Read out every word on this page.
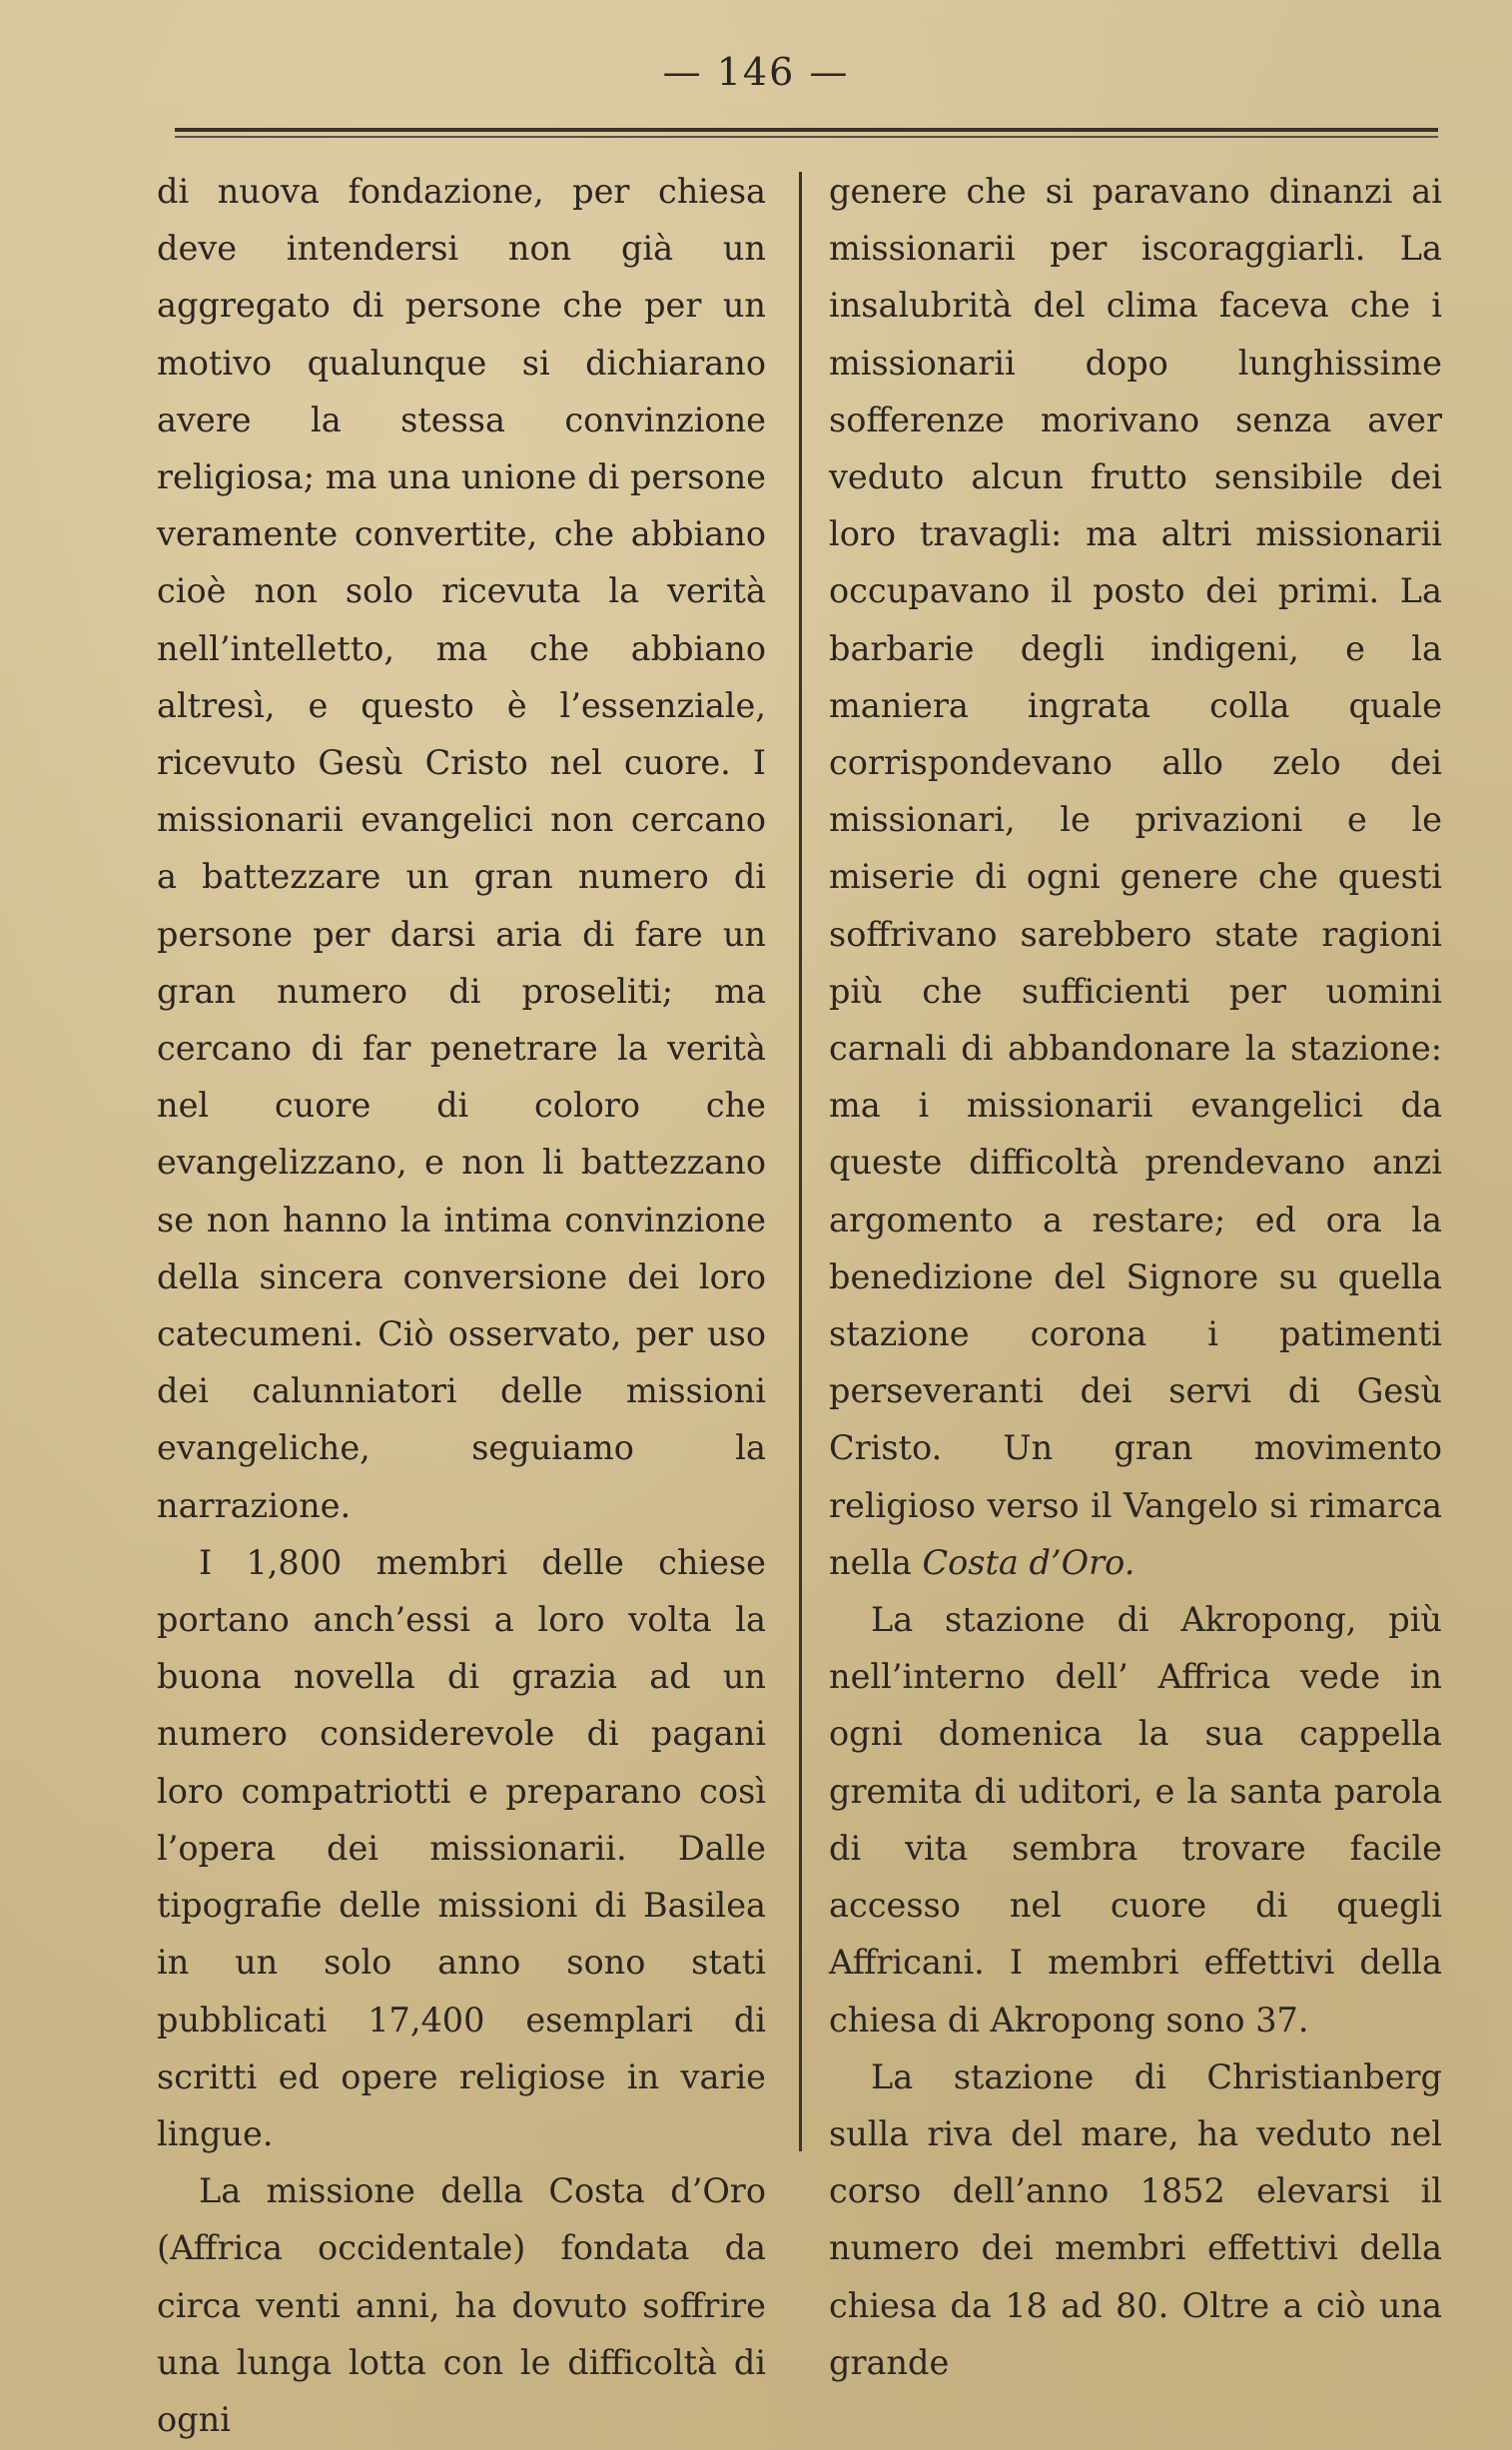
— 146 —

di nuova fondazione, per chiesa deve intendersi non già un aggregato di persone che per un motivo qualunque si dichiarano avere la stessa convinzione religiosa; ma una unione di persone veramente convertite, che abbiano cioè non solo ricevuta la verità nell’intelletto, ma che abbiano altresì, e questo è l’essenziale, ricevuto Gesù Cristo nel cuore. I missionarii evangelici non cercano a battezzare un gran numero di persone per darsi aria di fare un gran numero di proseliti; ma cercano di far penetrare la verità nel cuore di coloro che evangelizzano, e non li battezzano se non hanno la intima convinzione della sincera conversione dei loro catecumeni. Ciò osservato, per uso dei calunniatori delle missioni evangeliche, seguiamo la narrazione.

I 1,800 membri delle chiese portano anch’essi a loro volta la buona novella di grazia ad un numero considerevole di pagani loro compatriotti e preparano così l’opera dei missionarii. Dalle tipografie delle missioni di Basilea in un solo anno sono stati pubblicati 17,400 esemplari di scritti ed opere religiose in varie lingue.

La missione della Costa d’Oro (Affrica occidentale) fondata da circa venti anni, ha dovuto soffrire una lunga lotta con le difficoltà di ogni

genere che si paravano dinanzi ai missionarii per iscoraggiarli. La insalubrità del clima faceva che i missionarii dopo lunghissime sofferenze morivano senza aver veduto alcun frutto sensibile dei loro travagli: ma altri missionarii occupavano il posto dei primi. La barbarie degli indigeni, e la maniera ingrata colla quale corrispondevano allo zelo dei missionari, le privazioni e le miserie di ogni genere che questi soffrivano sarebbero state ragioni più che sufficienti per uomini carnali di abbandonare la stazione: ma i missionarii evangelici da queste difficoltà prendevano anzi argomento a restare; ed ora la benedizione del Signore su quella stazione corona i patimenti perseveranti dei servi di Gesù Cristo. Un gran movimento religioso verso il Vangelo si rimarca nella Costa d’Oro.

La stazione di Akropong, più nell’interno dell’ Affrica vede in ogni domenica la sua cappella gremita di uditori, e la santa parola di vita sembra trovare facile accesso nel cuore di quegli Affricani. I membri effettivi della chiesa di Akropong sono 37.

La stazione di Christianberg sulla riva del mare, ha veduto nel corso dell’anno 1852 elevarsi il numero dei membri effettivi della chiesa da 18 ad 80. Oltre a ciò una grande
